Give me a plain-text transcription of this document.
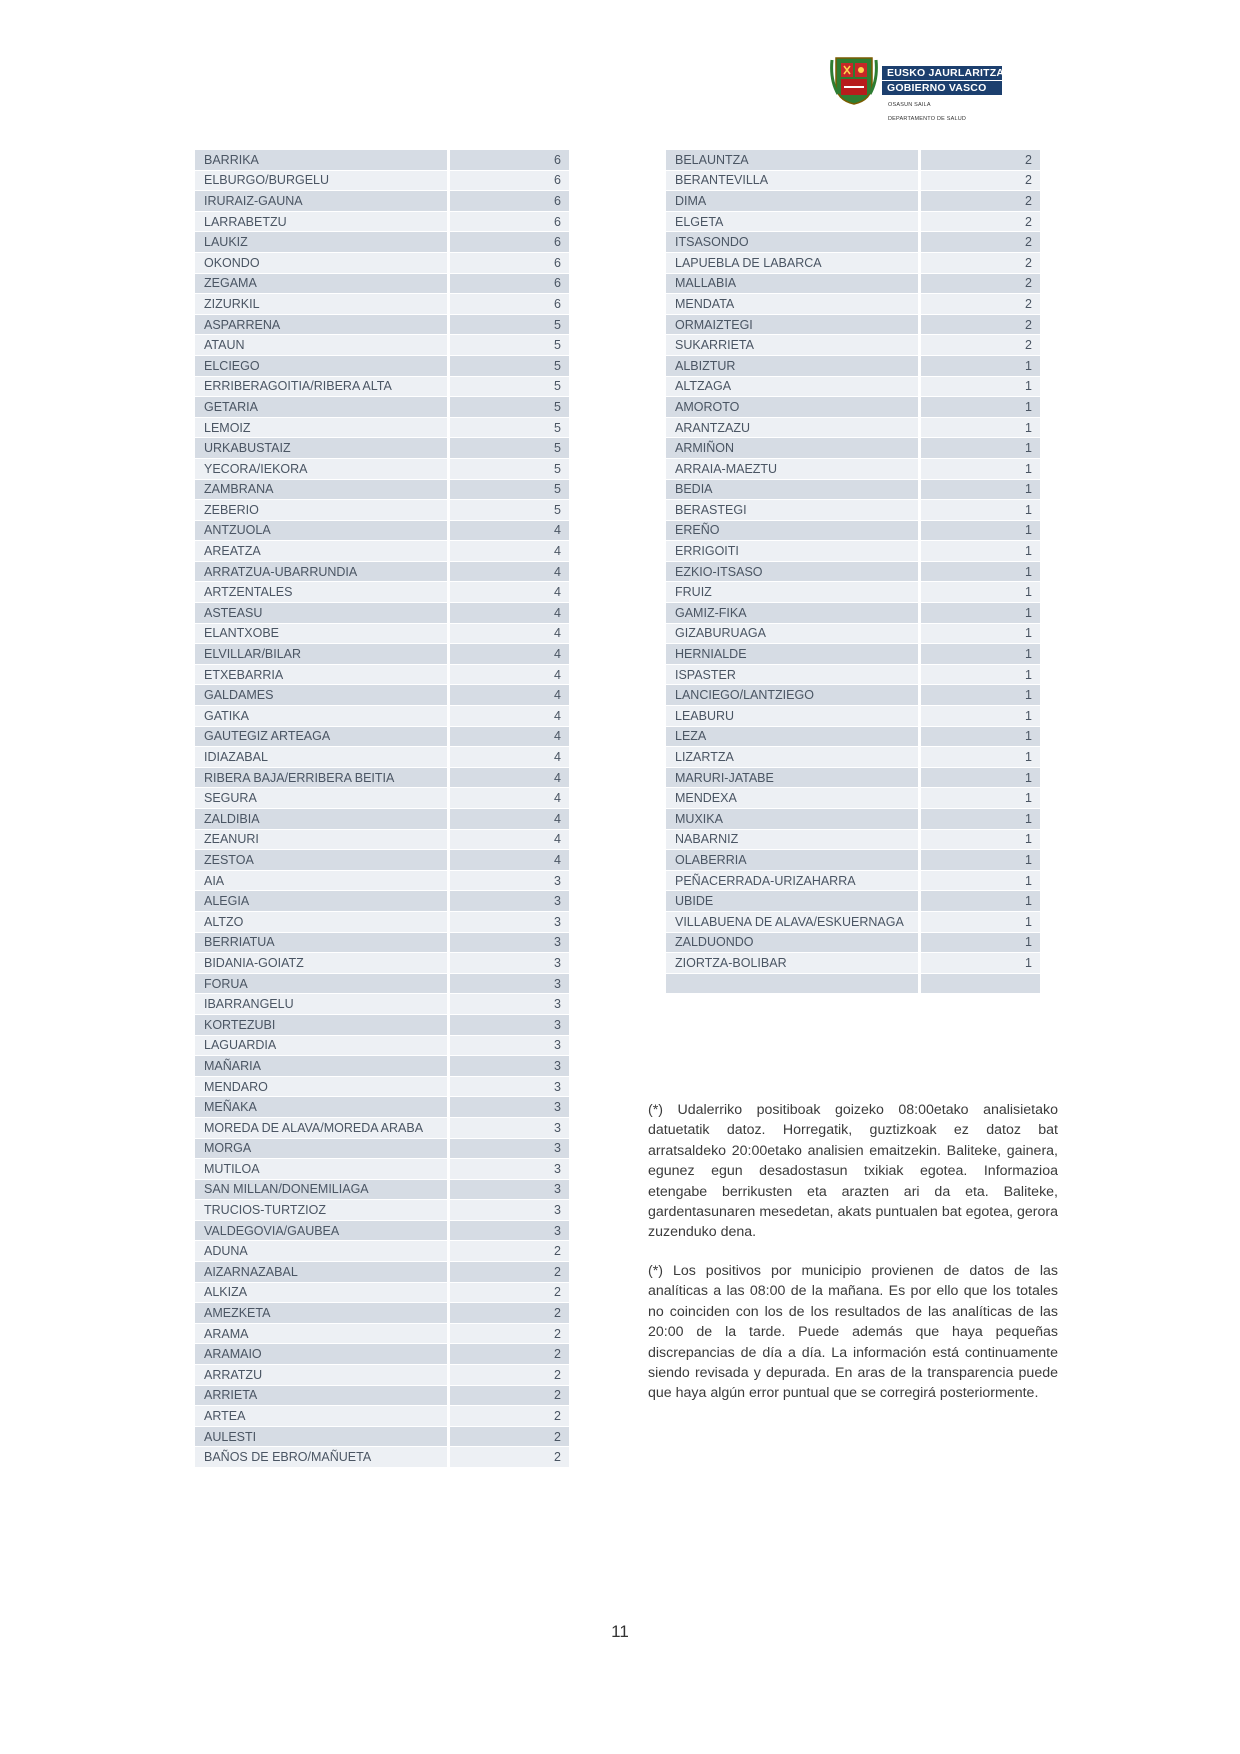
EUSKO JAURLARITZA
GOBIERNO VASCO
OSASUN SAILA
DEPARTAMENTO DE SALUD
BARRIKA	6
ELBURGO/BURGELU	6
IRURAIZ-GAUNA	6
LARRABETZU	6
LAUKIZ	6
OKONDO	6
ZEGAMA	6
ZIZURKIL	6
ASPARRENA	5
ATAUN	5
ELCIEGO	5
ERRIBERAGOITIA/RIBERA ALTA	5
GETARIA	5
LEMOIZ	5
URKABUSTAIZ	5
YECORA/IEKORA	5
ZAMBRANA	5
ZEBERIO	5
ANTZUOLA	4
AREATZA	4
ARRATZUA-UBARRUNDIA	4
ARTZENTALES	4
ASTEASU	4
ELANTXOBE	4
ELVILLAR/BILAR	4
ETXEBARRIA	4
GALDAMES	4
GATIKA	4
GAUTEGIZ ARTEAGA	4
IDIAZABAL	4
RIBERA BAJA/ERRIBERA BEITIA	4
SEGURA	4
ZALDIBIA	4
ZEANURI	4
ZESTOA	4
AIA	3
ALEGIA	3
ALTZO	3
BERRIATUA	3
BIDANIA-GOIATZ	3
FORUA	3
IBARRANGELU	3
KORTEZUBI	3
LAGUARDIA	3
MAÑARIA	3
MENDARO	3
MEÑAKA	3
MOREDA DE ALAVA/MOREDA ARABA	3
MORGA	3
MUTILOA	3
SAN MILLAN/DONEMILIAGA	3
TRUCIOS-TURTZIOZ	3
VALDEGOVIA/GAUBEA	3
ADUNA	2
AIZARNAZABAL	2
ALKIZA	2
AMEZKETA	2
ARAMA	2
ARAMAIO	2
ARRATZU	2
ARRIETA	2
ARTEA	2
AULESTI	2
BAÑOS DE EBRO/MAÑUETA	2
BELAUNTZA	2
BERANTEVILLA	2
DIMA	2
ELGETA	2
ITSASONDO	2
LAPUEBLA DE LABARCA	2
MALLABIA	2
MENDATA	2
ORMAIZTEGI	2
SUKARRIETA	2
ALBIZTUR	1
ALTZAGA	1
AMOROTO	1
ARANTZAZU	1
ARMIÑON	1
ARRAIA-MAEZTU	1
BEDIA	1
BERASTEGI	1
EREÑO	1
ERRIGOITI	1
EZKIO-ITSASO	1
FRUIZ	1
GAMIZ-FIKA	1
GIZABURUAGA	1
HERNIALDE	1
ISPASTER	1
LANCIEGO/LANTZIEGO	1
LEABURU	1
LEZA	1
LIZARTZA	1
MARURI-JATABE	1
MENDEXA	1
MUXIKA	1
NABARNIZ	1
OLABERRIA	1
PEÑACERRADA-URIZAHARRA	1
UBIDE	1
VILLABUENA DE ALAVA/ESKUERNAGA	1
ZALDUONDO	1
ZIORTZA-BOLIBAR	1

(*) Udalerriko positiboak goizeko 08:00etako analisietako datuetatik datoz. Horregatik, guztizkoak ez datoz bat arratsaldeko 20:00etako analisien emaitzekin. Baliteke, gainera, egunez egun desadostasun txikiak egotea. Informazioa etengabe berrikusten eta arazten ari da eta. Baliteke, gardentasunaren mesedetan, akats puntualen bat egotea, gerora zuzenduko dena.
(*) Los positivos por municipio provienen de datos de las analíticas a las 08:00 de la mañana. Es por ello que los totales no coinciden con los de los resultados de las analíticas de las 20:00 de la tarde. Puede además que haya pequeñas discrepancias de día a día. La información está continuamente siendo revisada y depurada. En aras de la transparencia puede que haya algún error puntual que se corregirá posteriormente.
11
